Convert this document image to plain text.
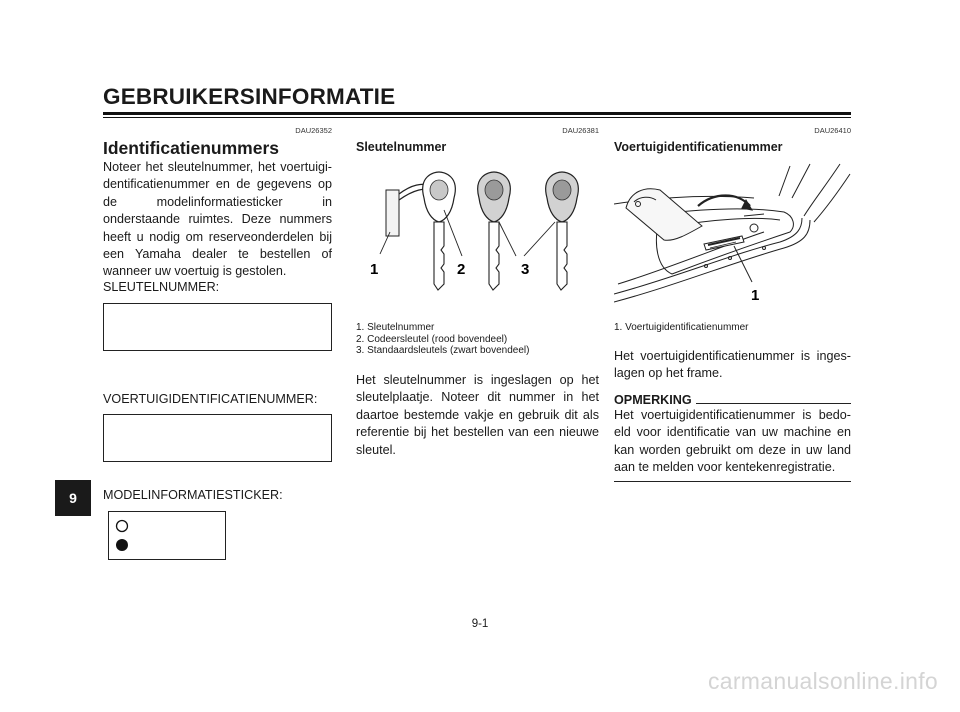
GEBRUIKERSINFORMATIE
DAU26352
Identificatienummers

Noteer het sleutelnummer, het voertuigi-dentificatienummer en de gegevens op de modelinformatiesticker in onderstaande ruimtes. Deze nummers heeft u nodig om reserveonderdelen bij een Yamaha dealer te bestellen of wanneer uw voertuig is gestolen.

SLEUTELNUMMER:
VOERTUIGIDENTIFICATIENUMMER:
MODELINFORMATIESTICKER:
DAU26381
Sleutelnummer
1	2	3

1. Sleutelnummer

2. Codeersleutel (rood bovendeel)

3. Standaardsleutels (zwart bovendeel)

Het sleutelnummer is ingeslagen op het sleutelplaatje. Noteer dit nummer in het daartoe bestemde vakje en gebruik dit als referentie bij het bestellen van een nieuwe sleutel.

DAU26410
Voertuigidentificatienummer
1

1. Voertuigidentificatienummer

Het voertuigidentificatienummer is inges-lagen op het frame.

OPMERKING

Het voertuigidentificatienummer is bedo-eld voor identificatie van uw machine en kan worden gebruikt om deze in uw land aan te melden voor kentekenregistratie.

9
9-1
carmanualsonline.info
